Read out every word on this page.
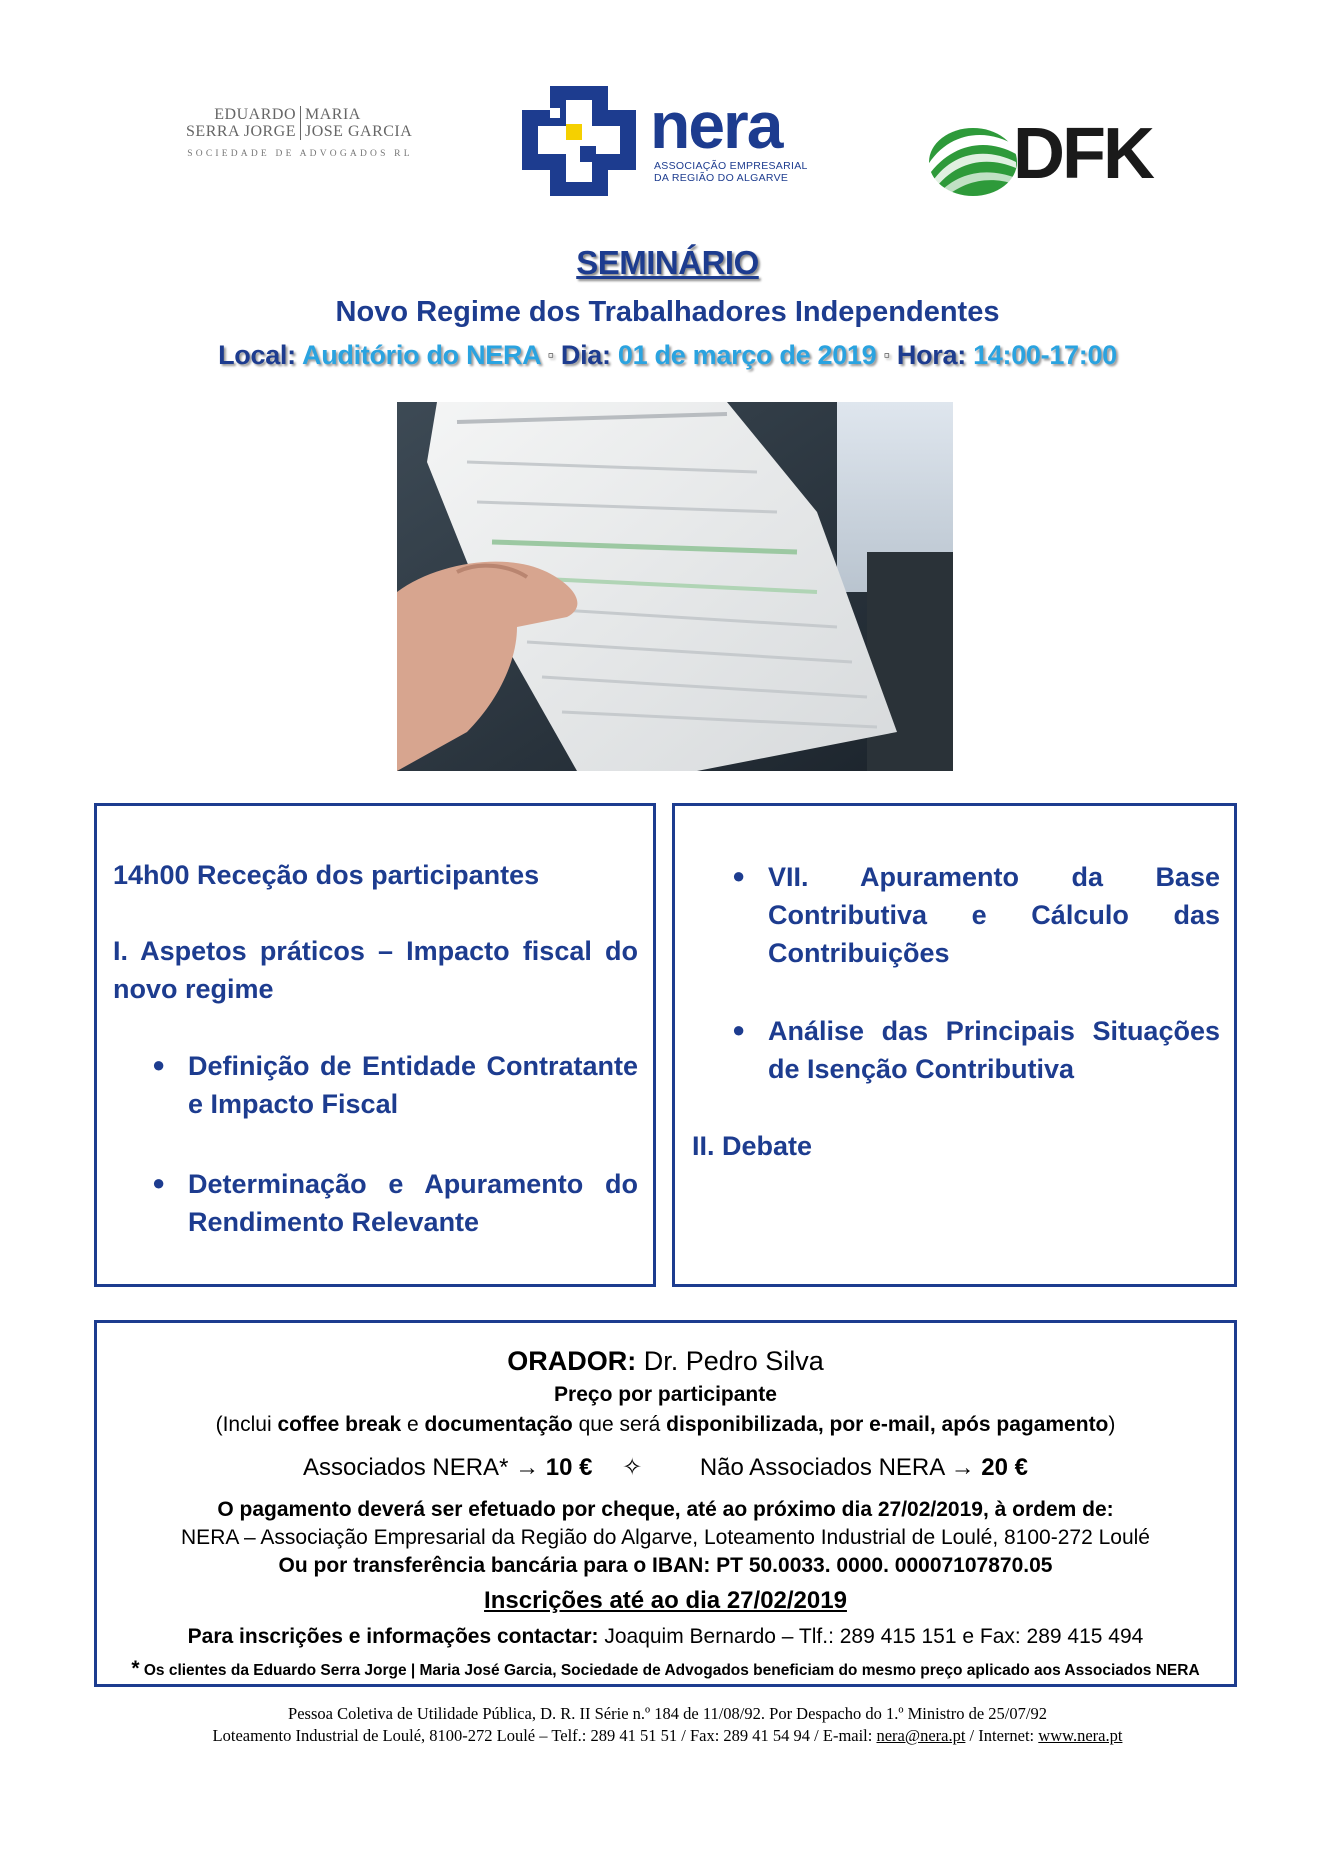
EDUARDO
SERRA JORGE
MARIA
JOSE GARCIA
SOCIEDADE DE ADVOGADOS RL	nera
ASSOCIAÇÃO EMPRESARIAL
DA REGIÃO DO ALGARVE	DFK
SEMINÁRIO
Novo Regime dos Trabalhadores Independentes
Local: Auditório do NERA ▫ Dia: 01 de março de 2019 ▫ Hora: 14:00-17:00
14h00 Receção dos participantes
I. Aspetos práticos – Impacto fiscal do novo regime
● Definição de Entidade Contratante e Impacto Fiscal
● Determinação e Apuramento do Rendimento Relevante
● VII. Apuramento da Base Contributiva e Cálculo das Contribuições
● Análise das Principais Situações de Isenção Contributiva
II. Debate
ORADOR: Dr. Pedro Silva
Preço por participante
(Inclui coffee break e documentação que será disponibilizada, por e-mail, após pagamento)
Associados NERA* → 10 € ✧ Não Associados NERA → 20 €
O pagamento deverá ser efetuado por cheque, até ao próximo dia 27/02/2019, à ordem de:
NERA – Associação Empresarial da Região do Algarve, Loteamento Industrial de Loulé, 8100-272 Loulé
Ou por transferência bancária para o IBAN: PT 50.0033. 0000. 00007107870.05
Inscrições até ao dia 27/02/2019
Para inscrições e informações contactar: Joaquim Bernardo – Tlf.: 289 415 151 e Fax: 289 415 494
* Os clientes da Eduardo Serra Jorge | Maria José Garcia, Sociedade de Advogados beneficiam do mesmo preço aplicado aos Associados NERA
Pessoa Coletiva de Utilidade Pública, D. R. II Série n.º 184 de 11/08/92. Por Despacho do 1.º Ministro de 25/07/92
Loteamento Industrial de Loulé, 8100-272 Loulé – Telf.: 289 41 51 51 / Fax: 289 41 54 94 / E-mail: nera@nera.pt / Internet: www.nera.pt
